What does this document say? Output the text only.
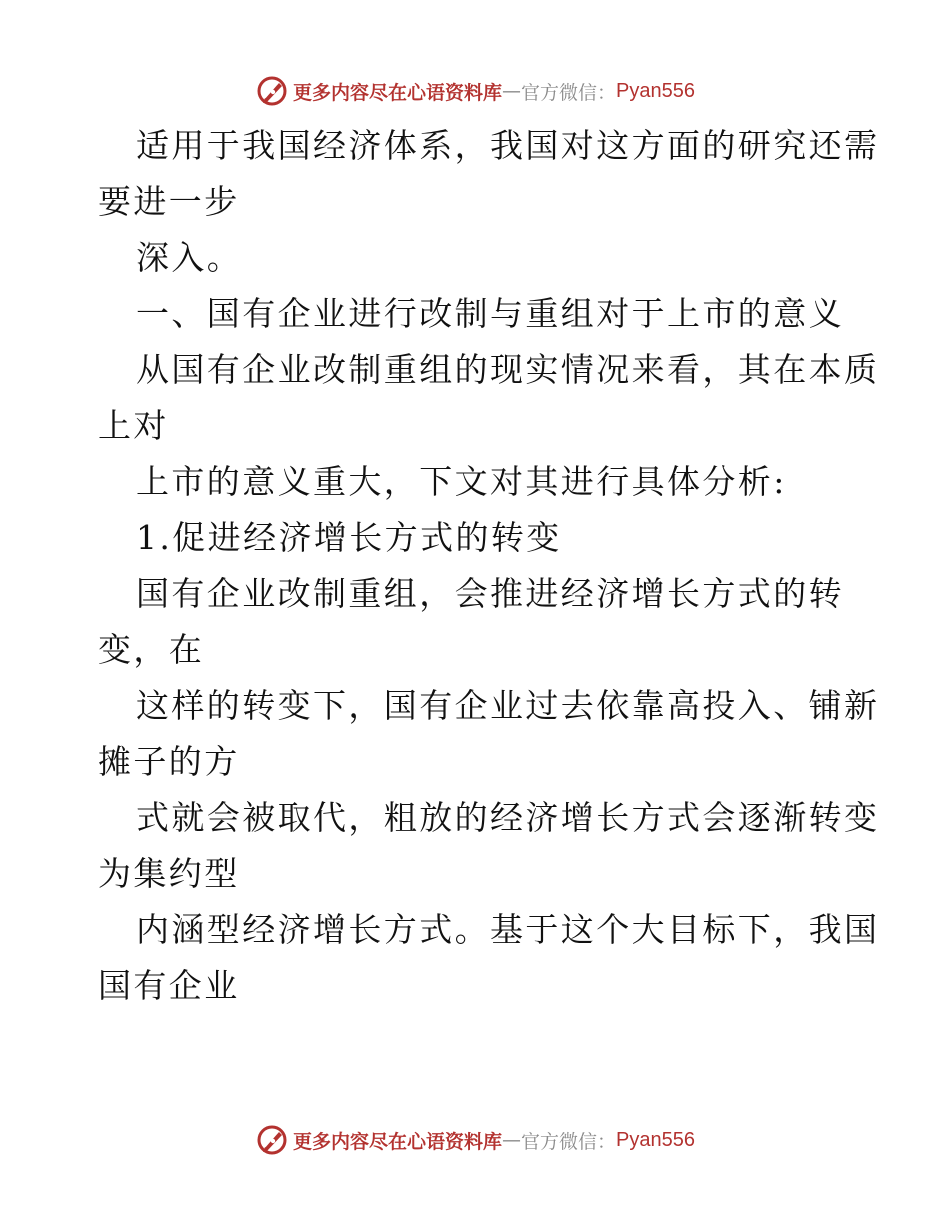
更多内容尽在心语资料库 — 官方微信： Pyan556
适用于我国经济体系，我国对这方面的研究还需
要进一步
深入。
一、国有企业进行改制与重组对于上市的意义
从国有企业改制重组的现实情况来看，其在本质
上对
上市的意义重大，下文对其进行具体分析:
1.促进经济增长方式的转变
国有企业改制重组，会推进经济增长方式的转
变，在
这样的转变下，国有企业过去依靠高投入、铺新
摊子的方
式就会被取代，粗放的经济增长方式会逐渐转变
为集约型
内涵型经济增长方式。基于这个大目标下，我国
国有企业
更多内容尽在心语资料库 — 官方微信： Pyan556
